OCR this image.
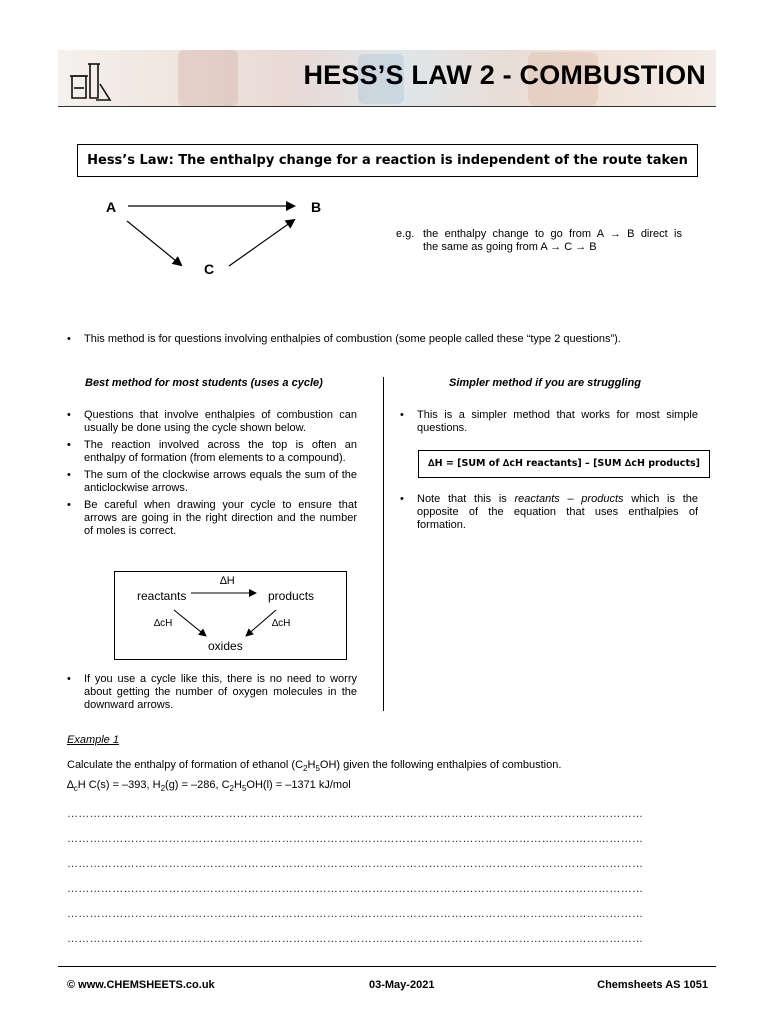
HESS’S LAW 2 - COMBUSTION
Hess’s Law: The enthalpy change for a reaction is independent of the route taken
A	B
C
e.g. the enthalpy change to go from A → B direct is
the same as going from A → C → B
• This method is for questions involving enthalpies of combustion (some people called these “type 2 questions”).
Best method for most students (uses a cycle)	Simpler method if you are struggling
• Questions that involve enthalpies of combustion can usually be done using the cycle shown below.
• The reaction involved across the top is often an enthalpy of formation (from elements to a compound).
• The sum of the clockwise arrows equals the sum of the anticlockwise arrows.
• Be careful when drawing your cycle to ensure that arrows are going in the right direction and the number of moles is correct.
∆H
reactants	products
∆cH	∆cH
oxides
• If you use a cycle like this, there is no need to worry about getting the number of oxygen molecules in the downward arrows.
• This is a simpler method that works for most simple questions.
∆H = [SUM of ∆cH reactants] – [SUM ∆cH products]
• Note that this is reactants – products which is the opposite of the equation that uses enthalpies of formation.
Example 1
Calculate the enthalpy of formation of ethanol $(C_2H_5OH)$ given the following enthalpies of combustion.
$\Delta_cH$ C(s) = –393, $H_2(g) = -286$, $C_2H_5OH(l) = -1371$ kJ/mol
………………………………………………………………………………………………………………………………………
………………………………………………………………………………………………………………………………………
………………………………………………………………………………………………………………………………………
………………………………………………………………………………………………………………………………………
………………………………………………………………………………………………………………………………………
………………………………………………………………………………………………………………………………………
© www.CHEMSHEETS.co.uk	03-May-2021	Chemsheets AS 1051
